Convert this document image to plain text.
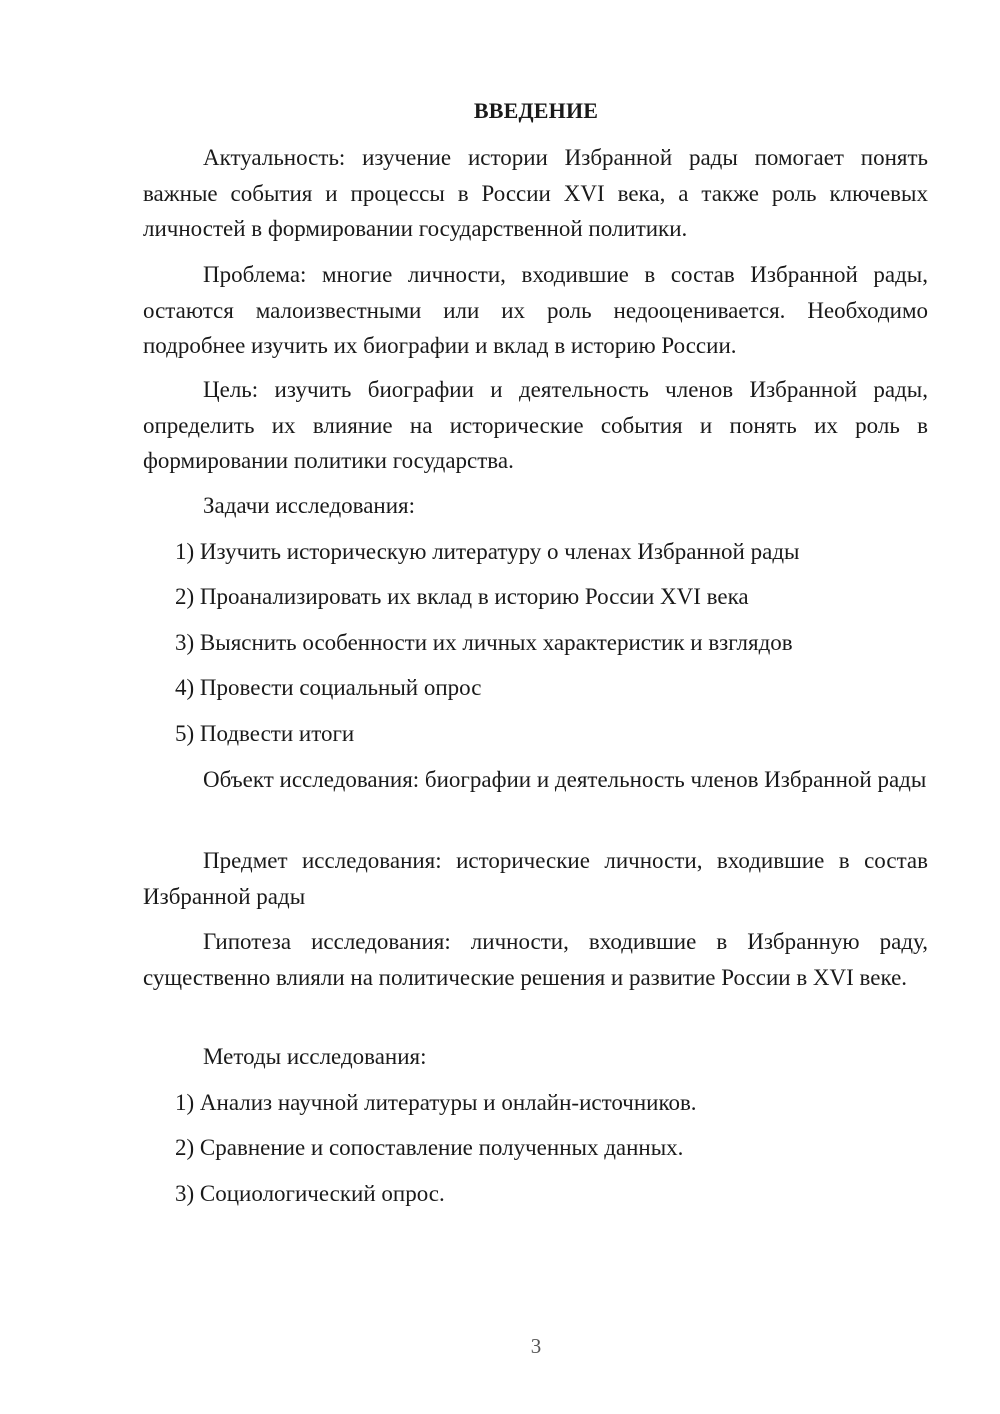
ВВЕДЕНИЕ

Актуальность: изучение истории Избранной рады помогает понять важные события и процессы в России XVI века, а также роль ключевых личностей в формировании государственной политики.

Проблема: многие личности, входившие в состав Избранной рады, остаются малоизвестными или их роль недооценивается. Необходимо подробнее изучить их биографии и вклад в историю России.

Цель: изучить биографии и деятельность членов Избранной рады, определить их влияние на исторические события и понять их роль в формировании политики государства.

Задачи исследования:

1) Изучить историческую литературу о членах Избранной рады

2) Проанализировать их вклад в историю России XVI века

3) Выяснить особенности их личных характеристик и взглядов

4) Провести социальный опрос

5) Подвести итоги

Объект исследования: биографии и деятельность членов Избранной рады

Предмет исследования: исторические личности, входившие в состав Избранной рады

Гипотеза исследования: личности, входившие в Избранную раду, существенно влияли на политические решения и развитие России в XVI веке.

Методы исследования:

1) Анализ научной литературы и онлайн-источников.

2) Сравнение и сопоставление полученных данных.

3) Социологический опрос.

3
